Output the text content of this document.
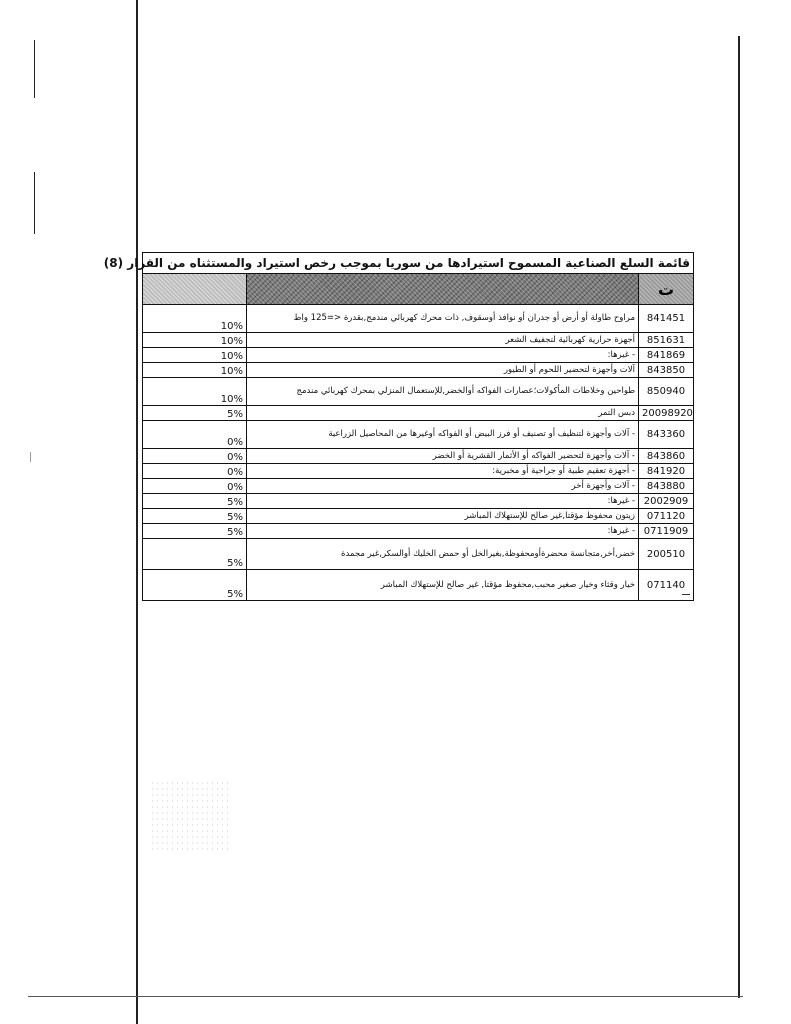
قائمة السلع الصناعية المسموح استيرادها من سوريا بموجب رخص استيراد والمستثناه من القرار (8)		
ت		
841451	مراوح طاولة أو أرض أو جدران أو نوافذ أوسقوف, ذات محرك كهربائي مندمج,بقدرة <=125 واط	10%
851631	أجهزة حرارية كهربائية لتجفيف الشعر	10%
841869	- غيرها:	10%
843850	آلات وأجهزة لتحضير اللحوم أو الطيور	10%
850940	طواحين وخلاطات المأكولات؛عصارات الفواكه أوالخضر,للإستعمال المنزلي بمحرك كهربائي مندمج	10%
20098920	دبس التمر	5%
843360	- آلات وأجهزة لتنظيف أو تصنيف أو فرز البيض أو الفواكه أوغيرها من المحاصيل الزراعية	0%
843860	- آلات وأجهزة لتحضير الفواكه أو الأثمار القشرية أو الخضر	0%
841920	- أجهزة تعقيم طبية أو جراحية أو مخبرية:	0%
843880	- آلات وأجهزة أخر	0%
2002909	- غيرها:	5%
071120	زيتون محفوظ مؤقتا,غير صالح للإستهلاك المباشر	5%
0711909	- غيرها:	5%
200510	خضر,أخر,متجانسة محضرةأومحفوظة,بغيرالخل أو حمض الخليك أوالسكر,غير مجمدة	5%
071140	خيار وقثاء وخيار صغير محبب,محفوظ مؤقتا, غير صالح للإستهلاك المباشر	5%
